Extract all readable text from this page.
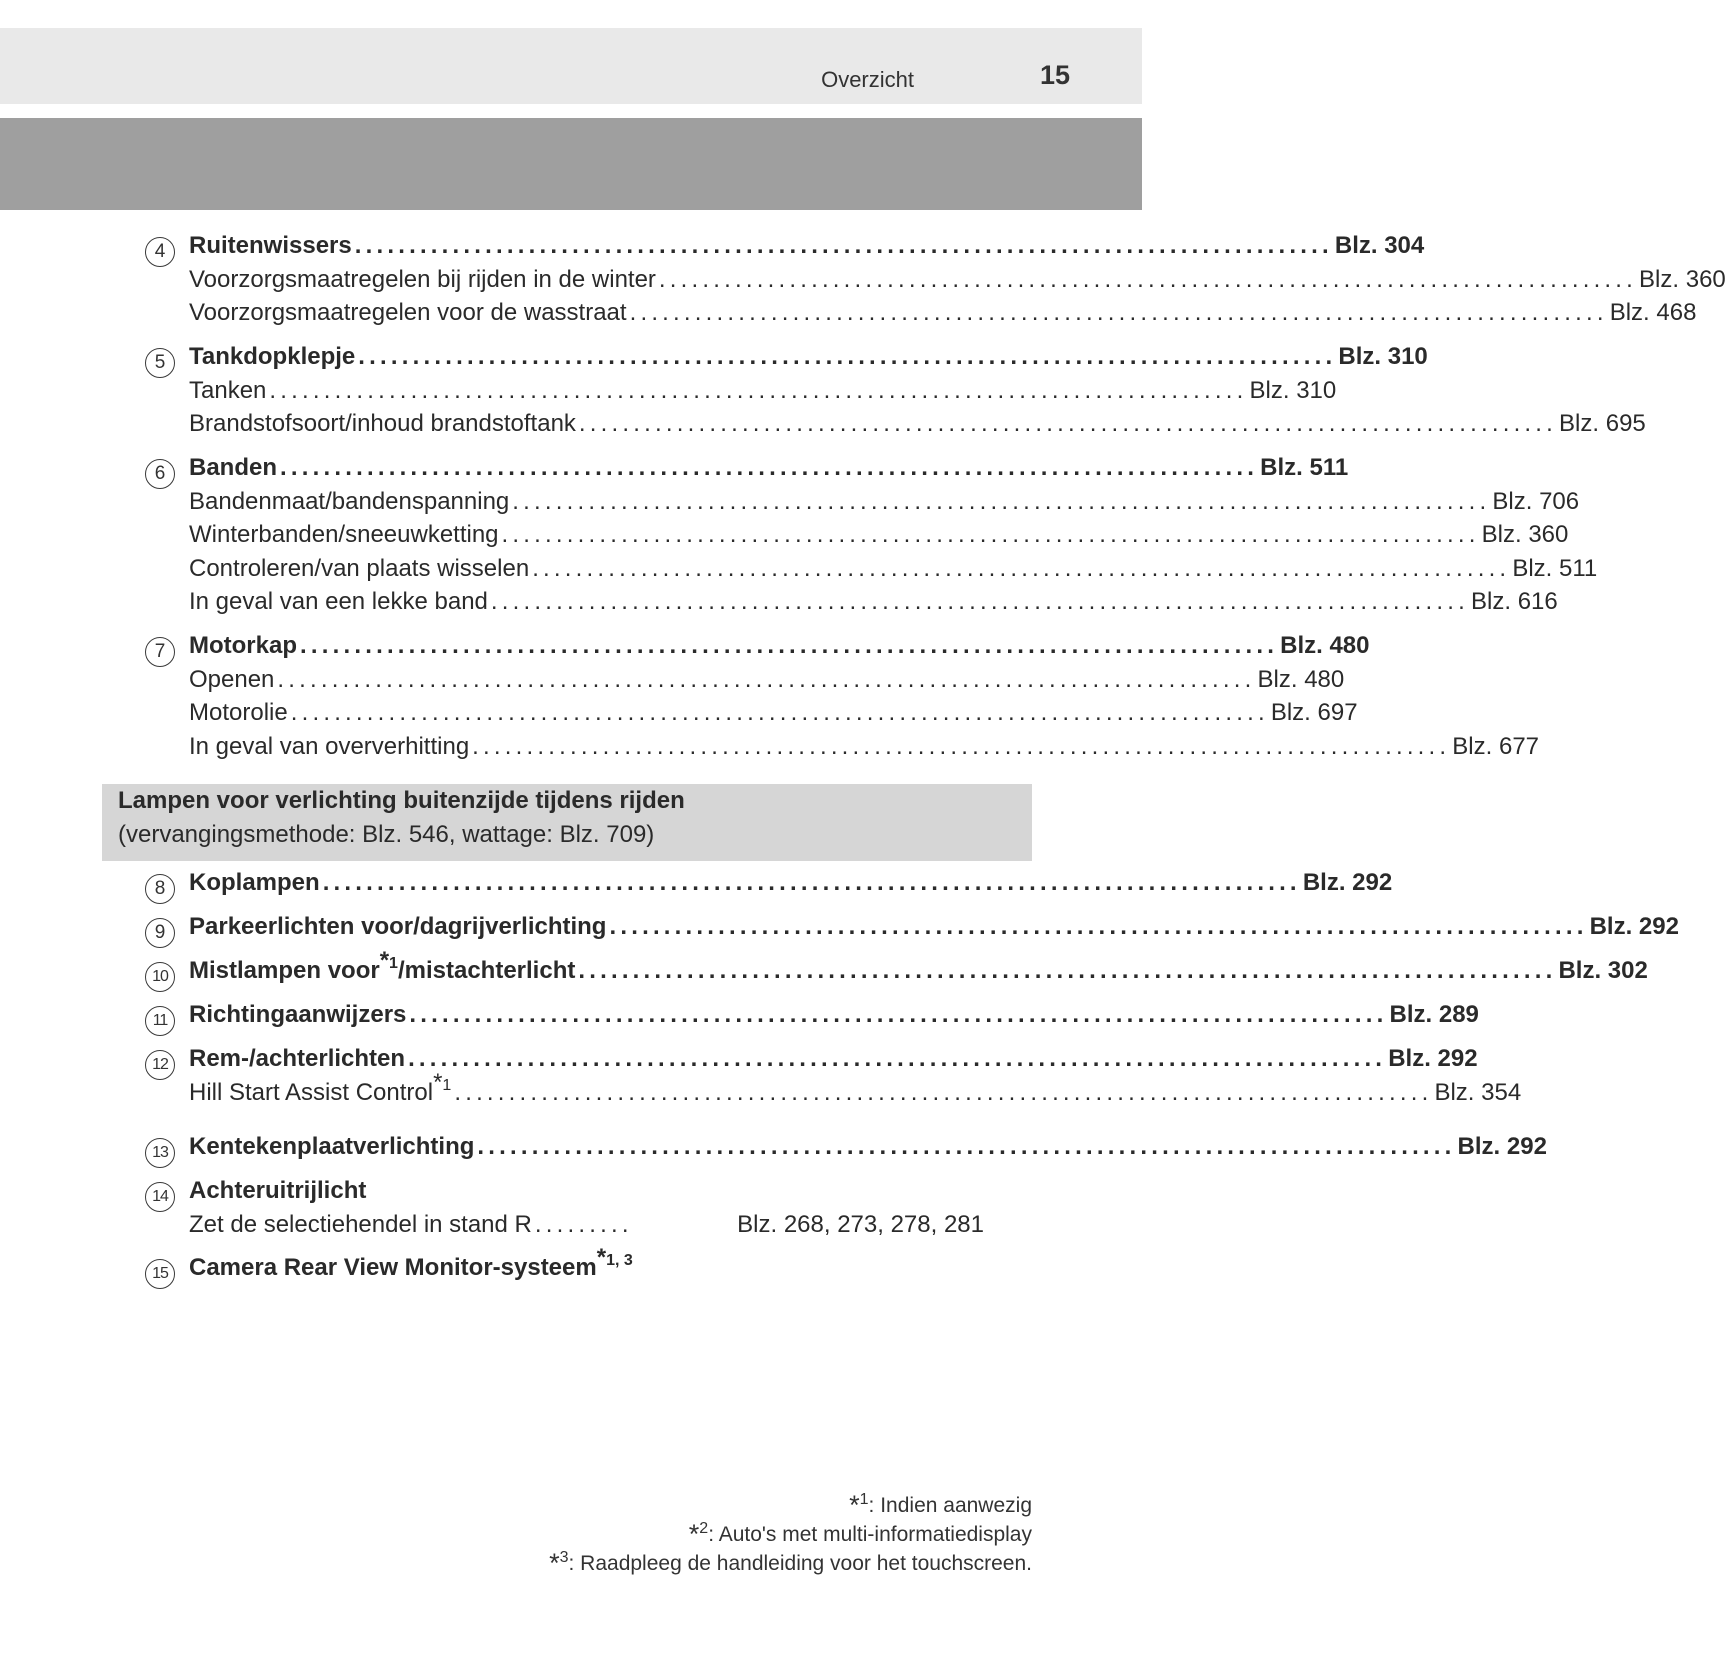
Overzicht	15
4 Ruitenwissers .......................................................................................... Blz. 304
Voorzorgsmaatregelen bij rijden in de winter .......................................................................................... Blz. 360
Voorzorgsmaatregelen voor de wasstraat .......................................................................................... Blz. 468
5 Tankdopklepje .......................................................................................... Blz. 310
Tanken .......................................................................................... Blz. 310
Brandstofsoort/inhoud brandstoftank .......................................................................................... Blz. 695
6 Banden .......................................................................................... Blz. 511
Bandenmaat/bandenspanning .......................................................................................... Blz. 706
Winterbanden/sneeuwketting .......................................................................................... Blz. 360
Controleren/van plaats wisselen .......................................................................................... Blz. 511
In geval van een lekke band .......................................................................................... Blz. 616
7 Motorkap .......................................................................................... Blz. 480
Openen .......................................................................................... Blz. 480
Motorolie .......................................................................................... Blz. 697
In geval van oververhitting .......................................................................................... Blz. 677
Lampen voor verlichting buitenzijde tijdens rijden
(vervangingsmethode: Blz. 546, wattage: Blz. 709)
8 Koplampen .......................................................................................... Blz. 292
9 Parkeerlichten voor/dagrijverlichting .......................................................................................... Blz. 292
10 Mistlampen voor$^{*1}$/mistachterlicht .......................................................................................... Blz. 302
11 Richtingaanwijzers .......................................................................................... Blz. 289
12 Rem-/achterlichten .......................................................................................... Blz. 292
Hill Start Assist Control$^{*1}$ .......................................................................................... Blz. 354
13 Kentekenplaatverlichting .......................................................................................... Blz. 292
14 Achteruitrijlicht
Zet de selectiehendel in stand R .........	Blz. 268, 273, 278, 281
15 Camera Rear View Monitor-systeem$^{*1, 3}$
*$^1$: Indien aanwezig
*$^2$: Auto's met multi-informatiedisplay
*$^3$: Raadpleeg de handleiding voor het touchscreen.
